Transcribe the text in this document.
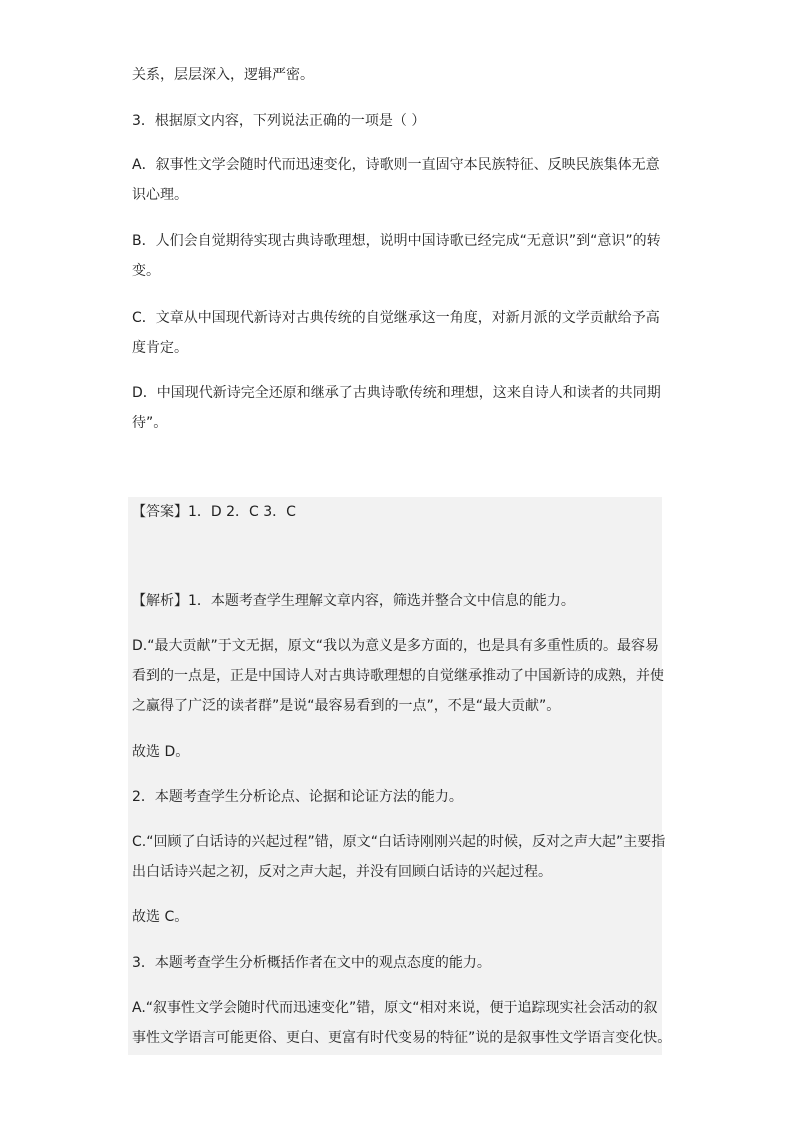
关系，层层深入，逻辑严密。

3．根据原文内容，下列说法正确的一项是（ ）

A．叙事性文学会随时代而迅速变化，诗歌则一直固守本民族特征、反映民族集体无意
识心理。
B．人们会自觉期待实现古典诗歌理想，说明中国诗歌已经完成“无意识”到“意识”的转
变。
C．文章从中国现代新诗对古典传统的自觉继承这一角度，对新月派的文学贡献给予高
度肯定。
D．中国现代新诗完全还原和继承了古典诗歌传统和理想，这来自诗人和读者的共同期
待”。

【答案】1．D 2．C 3．C

【解析】1．本题考查学生理解文章内容，筛选并整合文中信息的能力。

D.“最大贡献”于文无据，原文“我以为意义是多方面的，也是具有多重性质的。最容易
看到的一点是，正是中国诗人对古典诗歌理想的自觉继承推动了中国新诗的成熟，并使
之赢得了广泛的读者群”是说“最容易看到的一点”，不是“最大贡献”。

故选 D。

2．本题考查学生分析论点、论据和论证方法的能力。

C.“回顾了白话诗的兴起过程”错，原文“白话诗刚刚兴起的时候，反对之声大起”主要指
出白话诗兴起之初，反对之声大起，并没有回顾白话诗的兴起过程。

故选 C。

3．本题考查学生分析概括作者在文中的观点态度的能力。

A.“叙事性文学会随时代而迅速变化”错，原文“相对来说，便于追踪现实社会活动的叙
事性文学语言可能更俗、更白、更富有时代变易的特征”说的是叙事性文学语言变化快。
